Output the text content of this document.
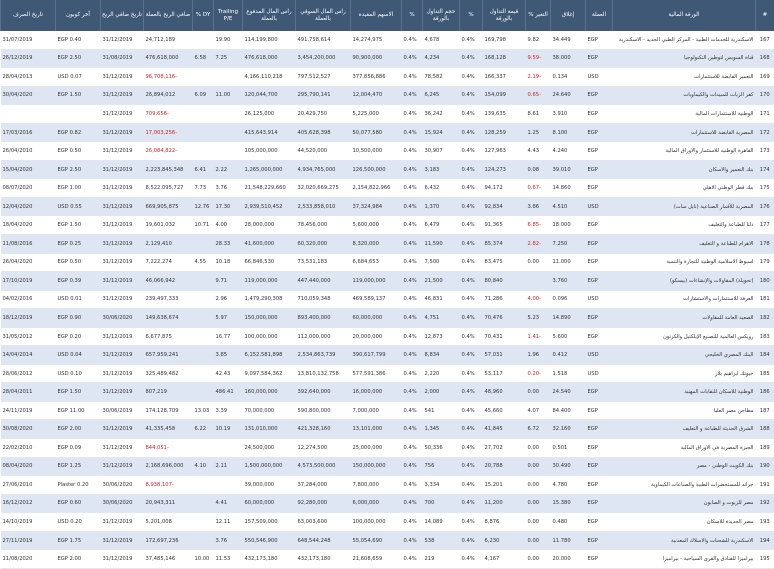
#	الورقة المالية	العملة	إغلاق	التغير %	قيمة التداول بالورقة	%	حجم التداول بالورقة	%	الاسهم المقيدة	راس المال السوقي بالعملة	راس المال المدفوع بالعملة	Trailing P/E	DY %	صافي الربح بالعملة	تاريخ صافي الربح	آخر كوبون	تاريخ الصرف
167	الاسكندرية للخدمات الطبية - المركز الطبي الجديد - الاسكندرية	EGP	34.449	9.82	169,798	0.4%	4,678	0.4%	14,274,975	491,758,614	114,199,800	19.90		24,712,189	31/12/2019	EGP 0.40	31/07/2019
168	قناة السويس لتوطين التكنولوجيا	EGP	38.000	-9.59	168,128	0.4%	4,234	0.4%	90,900,000	3,454,200,000	476,618,000	7.25	6.58	476,618,000	31/08/2019	EGP 2.50	26/12/2019
169	التعمير القابضة للاستثمارات	USD	0.134	-2.19	166,337	0.4%	78,582	0.4%	377,856,886	797,512,527	4,166,110,218			-96,708,116	31/12/2019	USD 0.07	28/04/2013
170	كفر الزيات للمبيدات والكيماويات	EGP	24.640	-0.65	154,099	0.4%	6,245	0.4%	12,004,470	295,790,141	120,044,700	11.00	6.09	26,894,012	31/12/2019	EGP 1.50	30/04/2020
171	الوطنية للاستثمارات المالية	EGP	3.910	8.61	139,635	0.4%	36,242	0.4%	5,225,000	20,429,750	26,125,000			-709,656	31/12/2019		
172	المصرية القابضة للاستثمارات	EGP	8.100	1.25	128,259	0.4%	15,924	0.4%	50,077,580	405,628,398	415,643,914			-17,003,256	31/12/2019	EGP 0.82	17/03/2016
173	القاهرة الوطنية للاستثمار والاوراق المالية	EGP	4.240	4.43	127,963	0.4%	30,907	0.4%	10,500,000	44,520,000	105,000,000			-26,084,822	31/12/2019	EGP 0.50	26/04/2010
174	بنك التعمير والاسكان	EGP	39.010	0.08	124,273	0.4%	3,183	0.4%	126,500,000	4,934,765,000	1,265,000,000	2.22	6.41	2,223,845,348	31/12/2019	EGP 2.50	15/04/2020
175	بنك قطر الوطني الاهلي	EGP	14.860	-0.67	94,172	0.4%	6,432	0.4%	2,154,822,966	32,020,669,275	21,548,229,660	3.76	7.73	8,522,095,727	31/12/2019	EGP 1.00	08/07/2020
176	المصرية للأقمار الصناعية (نايل سات)	USD	4.510	3.86	92,834	0.4%	1,370	0.4%	37,324,984	2,533,858,010	2,939,510,452	17.30	12.76	669,905,875	31/12/2019	USD 0.55	12/04/2020
177	دلتا للطباعة والتغليف	EGP	18.000	-6.85	91,365	0.4%	6,479	0.4%	5,600,000	78,456,000	28,000,000	4.00	10.71	19,601,032	31/12/2019	EGP 1.50	18/04/2020
178	الاهرام للطباعة و التغليف	EGP	7.250	-2.82	85,374	0.4%	11,590	0.4%	8,320,000	60,320,000	41,600,000	28.33		2,129,410	31/12/2019	EGP 0.25	11/08/2016
179	اسيوط الاسلامية الوطنية للتجارة والتنمية	EGP	11.000	0.00	83,475	0.4%	7,500	0.4%	6,684,653	73,531,183	66,846,530	10.18	4.55	7,222,274	31/12/2019	EGP 0.50	26/04/2020
180	(تحويلة) المقاولات والإنشاءات (بيسكو)	EGP	3.760		80,840	0.4%	21,500	0.4%	119,000,000	447,440,000	119,000,000	9.71		46,066,942	31/12/2019	EGP 0.39	17/10/2019
181	العرفة للاستثمارات والاستشارات	USD	0.096	-4.00	71,286	0.4%	46,831	0.4%	469,589,137	710,059,348	1,479,290,308	2.96		239,497,333	31/12/2019	USD 0.01	04/02/2016
182	الصعيد العامة للمقاولات	EGP	14.890	5.23	70,476	0.4%	4,751	0.4%	60,000,000	893,400,000	150,000,000	5.97		149,638,674	30/06/2020	EGP 0.90	18/12/2019
183	رويكس العالمية للتصنيع الإيلكتيل والكرتون	EGP	5.600	-1.41	70,431	0.4%	12,873	0.4%	20,000,000	112,000,000	100,000,000	16.77		6,677,875	31/12/2019	EGP 0.20	31/05/2012
184	البنك المصري الخليجي	USD	0.412	1.96	57,031	0.4%	8,834	0.4%	390,617,799	2,534,863,739	6,152,581,898	3.85		657,959,241	31/12/2019	USD 0.04	14/04/2014
185	خيوتك ابراهيم بلاز	USD	1.518	-0.20	53,117	0.4%	2,220	0.4%	577,591,386	13,810,132,758	9,097,584,362	42.43		325,489,482	31/12/2019	USD 0.10	28/06/2012
186	الوطنية للاسكان للنقابات المهنية	EGP	24.540	0.00	48,960	0.4%	2,000	0.4%	16,000,000	392,640,000	160,000,000	486.41		807,219	31/12/2019	EGP 1.50	28/04/2011
187	مطاحن مصر العليا	EGP	84.400	4.07	45,660	0.4%	541	0.4%	7,000,000	590,800,000	70,000,000	3.39	13.03	174,128,709	30/06/2019	EGP 11.00	24/11/2019
188	الشرق الحديثة للطباعة و التغليف	EGP	32.160	6.72	41,845	0.4%	1,345	0.4%	13,101,000	421,328,160	131,010,000	10.19	6.22	41,335,458	31/12/2019	EGP 2.00	30/08/2020
189	الجيزة المصرية في الاوراق المالية	EGP	0.501	0.00	27,702	0.4%	50,336	0.4%	25,000,000	12,274,500	24,500,000			-844,051	31/12/2019	EGP 0.09	22/02/2010
190	بنك الكويت الوطني - مصر	EGP	30.490	0.00	20,788	0.4%	756	0.4%	150,000,000	4,573,500,000	1,500,000,000	2.11	4.10	2,168,696,000	31/12/2019	EGP 1.25	08/04/2020
191	جراند للمستحضرات الطبية والصناعات الكيماوية	EGP	4.780	0.00	15,201	0.4%	3,334	0.4%	7,800,000	37,284,000	39,000,000			-8,938,107	30/06/2020	Plaster 0.20	27/06/2010
192	مصر للزيوت و الصابون	EGP	15.380	0.00	11,200	0.4%	700	0.4%	6,000,000	92,280,000	60,000,000	4.41		20,943,311	30/06/2020	EGP 0.60	16/12/2012
193	مصر الجديدة للاسكان	EGP	0.480	0.00	8,876	0.4%	14,089	0.4%	100,000,000	63,003,600	157,509,000	12.11		5,201,008	31/12/2019	USD 0.20	14/10/2019
194	الاسكندرية للشحنات والاسلاك المعدنية	EGP	11.780	0.00	6,230	0.4%	538	0.4%	55,054,690	648,544,248	550,546,900	3.76		172,697,236	31/12/2019	EGP 1.75	27/11/2019
195	بيراميزا للفنادق والقرى السياحية - بيراميزا	EGP	20.000	0.00	4,167	0.4%	219	0.4%	21,608,659	432,173,180	432,173,180	11.53	10.00	37,485,146	31/12/2019	EGP 2.00	11/08/2020
